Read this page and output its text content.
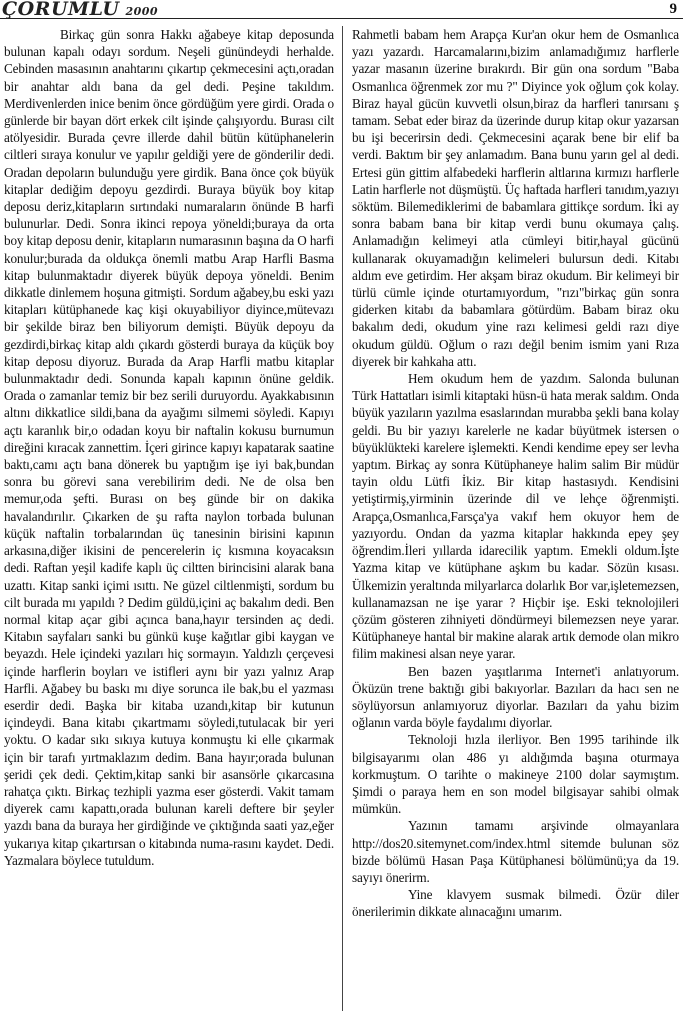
ÇORUMLU 2000	9

Birkaç gün sonra Hakkı ağabeye kitap deposunda bulunan kapalı odayı sordum. Neşeli günündeydi herhalde. Cebinden masasının anahtarını çıkartıp çekmecesini açtı,oradan bir anahtar aldı bana da gel dedi. Peşine takıldım. Merdivenlerden inice benim önce gördüğüm yere girdi. Orada o günlerde bir bayan dört erkek cilt işinde çalışıyordu. Burası cilt atölyesidir. Burada çevre illerde dahil bütün kütüphanelerin ciltleri sıraya konulur ve yapılır geldiği yere de gönderilir dedi. Oradan depoların bulunduğu yere girdik. Bana önce çok büyük kitaplar dediğim depoyu gezdirdi. Buraya büyük boy kitap deposu deriz,kitapların sırtındaki numaraların önünde B harfi bulunurlar. Dedi. Sonra ikinci repoya yöneldi;buraya da orta boy kitap deposu denir, kitapların numarasının başına da O harfi konulur;burada da oldukça önemli matbu Arap Harfli Basma kitap bulunmaktadır diyerek büyük depoya yöneldi. Benim dikkatle dinlemem hoşuna gitmişti. Sordum ağabey,bu eski yazı kitapları kütüphanede kaç kişi okuyabiliyor diyince,mütevazı bir şekilde biraz ben biliyorum demişti. Büyük depoyu da gezdirdi,birkaç kitap aldı çıkardı gösterdi buraya da küçük boy kitap deposu diyoruz. Burada da Arap Harfli matbu kitaplar bulunmaktadır dedi. Sonunda kapalı kapının önüne geldik. Orada o zamanlar temiz bir bez serili duruyordu. Ayakkabısının altını dikkatlice sildi,bana da ayağımı silmemi söyledi. Kapıyı açtı karanlık bir,o odadan koyu bir naftalin kokusu burnumun direğini kıracak zannettim. İçeri girince kapıyı kapatarak saatine baktı,camı açtı bana dönerek bu yaptığım işe iyi bak,bundan sonra bu görevi sana verebilirim dedi. Ne de olsa ben memur,oda şefti. Burası on beş günde bir on dakika havalandırılır. Çıkarken de şu rafta naylon torbada bulunan küçük naftalin torbalarından üç tanesinin birisini kapının arkasına,diğer ikisini de pencerelerin iç kısmına koyacaksın dedi. Raftan yeşil kadife kaplı üç ciltten birincisini alarak bana uzattı. Kitap sanki içimi ısıttı. Ne güzel ciltlenmişti, sordum bu cilt burada mı yapıldı ? Dedim güldü,içini aç bakalım dedi. Ben normal kitap açar gibi açınca bana,hayır tersinden aç dedi. Kitabın sayfaları sanki bu günkü kuşe kağıtlar gibi kaygan ve beyazdı. Hele içindeki yazıları hiç sormayın. Yaldızlı çerçevesi içinde harflerin boyları ve istifleri aynı bir yazı yalnız Arap Harfli. Ağabey bu baskı mı diye sorunca ile bak,bu el yazması eserdir dedi. Başka bir kitaba uzandı,kitap bir kutunun içindeydi. Bana kitabı çıkartmamı söyledi,tutulacak bir yeri yoktu. O kadar sıkı sıkıya kutuya konmuştu ki elle çıkarmak için bir tarafı yırtmaklazım dedim. Bana hayır;orada bulunan şeridi çek dedi. Çektim,kitap sanki bir asansörle çıkarcasına rahatça çıktı. Birkaç tezhipli yazma eser gösterdi. Vakit tamam diyerek camı kapattı,orada bulunan kareli deftere bir şeyler yazdı bana da buraya her girdiğinde ve çıktığında saati yaz,eğer yukarıya kitap çıkartırsan o kitabında numa-rasını kaydet. Dedi. Yazmalara böylece tutuldum.

Rahmetli babam hem Arapça Kur'an okur hem de Osmanlıca yazı yazardı. Harcamalarını,bizim anlamadığımız harflerle yazar masanın üzerine bırakırdı. Bir gün ona sordum "Baba Osmanlıca öğrenmek zor mu ?" Diyince yok oğlum çok kolay. Biraz hayal gücün kuvvetli olsun,biraz da harfleri tanırsanı ş tamam. Sebat eder biraz da üzerinde durup kitap okur yazarsan bu işi becerirsin dedi. Çekmecesini açarak bene bir elif ba verdi. Baktım bir şey anlamadım. Bana bunu yarın gel al dedi. Ertesi gün gittim alfabedeki harflerin altlarına kırmızı harflerle Latin harflerle not düşmüştü. Üç haftada harfleri tanıdım,yazıyı söktüm. Bilemediklerimi de babamlara gittikçe sordum. İki ay sonra babam bana bir kitap verdi bunu okumaya çalış. Anlamadığın kelimeyi atla cümleyi bitir,hayal gücünü kullanarak okuyamadığın kelimeleri bulursun dedi. Kitabı aldım eve getirdim. Her akşam biraz okudum. Bir kelimeyi bir türlü cümle içinde oturtamıyordum, "rızı"birkaç gün sonra giderken kitabı da babamlara götürdüm. Babam biraz oku bakalım dedi, okudum yine razı kelimesi geldi razı diye okudum güldü. Oğlum o razı değil benim ismim yani Rıza diyerek bir kahkaha attı.

Hem okudum hem de yazdım. Salonda bulunan Türk Hattatları isimli kitaptaki hüsn-ü hata merak saldım. Onda büyük yazıların yazılma esaslarından murabba şekli bana kolay geldi. Bu bir yazıyı karelerle ne kadar büyütmek istersen o büyüklükteki karelere işlemekti. Kendi kendime epey ser levha yaptım. Birkaç ay sonra Kütüphaneye halim salim Bir müdür tayin oldu Lütfi İkiz. Bir kitap hastasıydı. Kendisini yetiştirmiş,yirminin üzerinde dil ve lehçe öğrenmişti. Arapça,Osmanlıca,Farsça'ya vakıf hem okuyor hem de yazıyordu. Ondan da yazma kitaplar hakkında epey şey öğrendim.İleri yıllarda idarecilik yaptım. Emekli oldum.İşte Yazma kitap ve kütüphane aşkım bu kadar. Sözün kısası. Ülkemizin yeraltında milyarlarca dolarlık Bor var,işletemezsen, kullanamazsan ne işe yarar ? Hiçbir işe. Eski teknolojileri çözüm gösteren zihniyeti döndürmeyi bilemezsen neye yarar. Kütüphaneye hantal bir makine alarak artık demode olan mikro filim makinesi alsan neye yarar.

Ben bazen yaşıtlarıma Internet'i anlatıyorum. Öküzün trene baktığı gibi bakıyorlar. Bazıları da hacı sen ne söylüyorsun anlamıyoruz diyorlar. Bazıları da yahu bizim oğlanın varda böyle faydalımı diyorlar.

Teknoloji hızla ilerliyor. Ben 1995 tarihinde ilk bilgisayarımı olan 486 yı aldığımda başına oturmaya korkmuştum. O tarihte o makineye 2100 dolar saymıştım. Şimdi o paraya hem en son model bilgisayar sahibi olmak mümkün.

Yazının tamamı arşivinde olmayanlara http://dos20.sitemynet.com/index.html sitemde bulunan söz bizde bölümü Hasan Paşa Kütüphanesi bölümünü;ya da 19. sayıyı önerirm.

Yine klavyem susmak bilmedi. Özür diler önerilerimin dikkate alınacağını umarım.
